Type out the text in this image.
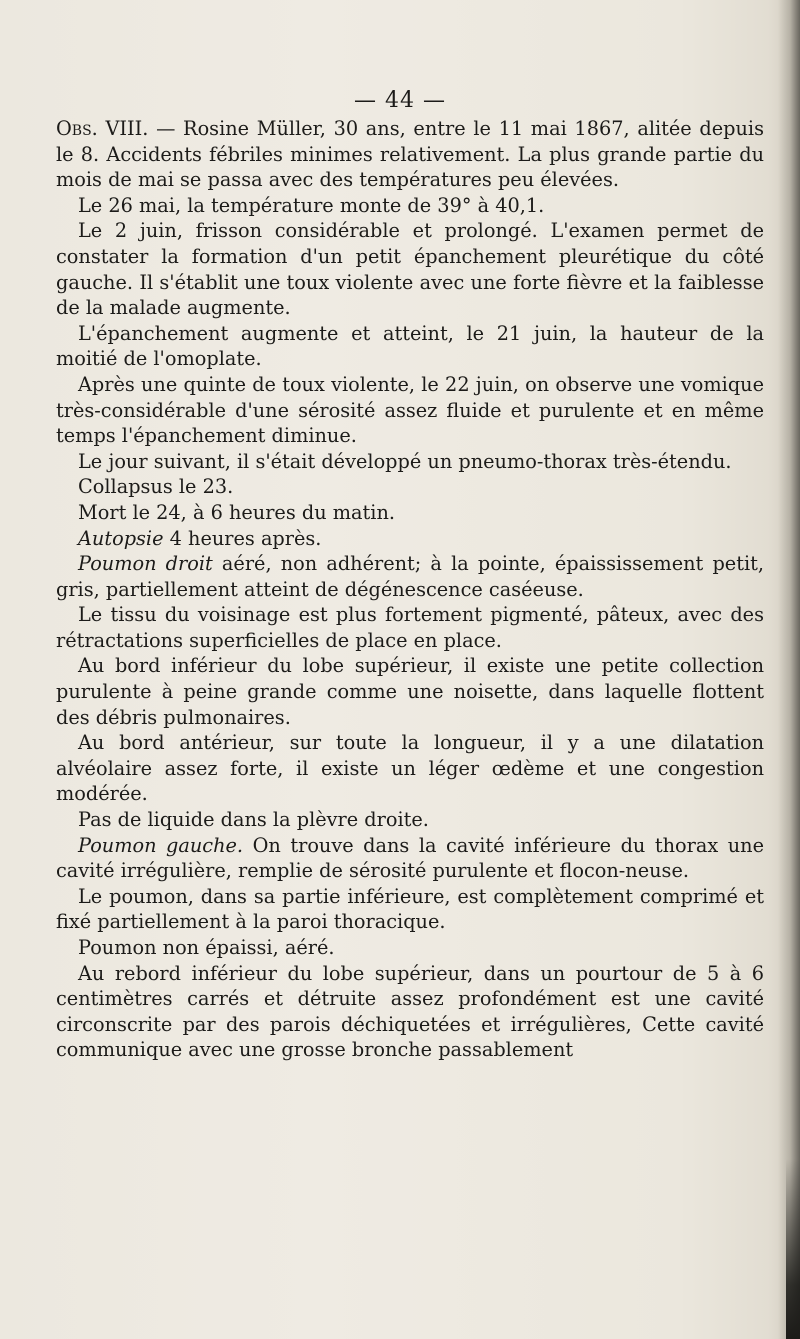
— 44 —

Obs. VIII. — Rosine Müller, 30 ans, entre le 11 mai 1867, alitée depuis le 8. Accidents fébriles minimes relativement. La plus grande partie du mois de mai se passa avec des températures peu élevées.

Le 26 mai, la température monte de 39° à 40,1.

Le 2 juin, frisson considérable et prolongé. L'examen permet de constater la formation d'un petit épanchement pleurétique du côté gauche. Il s'établit une toux violente avec une forte fièvre et la faiblesse de la malade augmente.

L'épanchement augmente et atteint, le 21 juin, la hauteur de la moitié de l'omoplate.

Après une quinte de toux violente, le 22 juin, on observe une vomique très-considérable d'une sérosité assez fluide et purulente et en même temps l'épanchement diminue.

Le jour suivant, il s'était développé un pneumo-thorax très-étendu.

Collapsus le 23.

Mort le 24, à 6 heures du matin.

Autopsie 4 heures après.

Poumon droit aéré, non adhérent; à la pointe, épaississement petit, gris, partiellement atteint de dégénescence caséeuse.

Le tissu du voisinage est plus fortement pigmenté, pâteux, avec des rétractations superficielles de place en place.

Au bord inférieur du lobe supérieur, il existe une petite collection purulente à peine grande comme une noisette, dans laquelle flottent des débris pulmonaires.

Au bord antérieur, sur toute la longueur, il y a une dilatation alvéolaire assez forte, il existe un léger œdème et une congestion modérée.

Pas de liquide dans la plèvre droite.

Poumon gauche. On trouve dans la cavité inférieure du thorax une cavité irrégulière, remplie de sérosité purulente et flocon-neuse.

Le poumon, dans sa partie inférieure, est complètement comprimé et fixé partiellement à la paroi thoracique.

Poumon non épaissi, aéré.

Au rebord inférieur du lobe supérieur, dans un pourtour de 5 à 6 centimètres carrés et détruite assez profondément est une cavité circonscrite par des parois déchiquetées et irrégulières, Cette cavité communique avec une grosse bronche passablement
